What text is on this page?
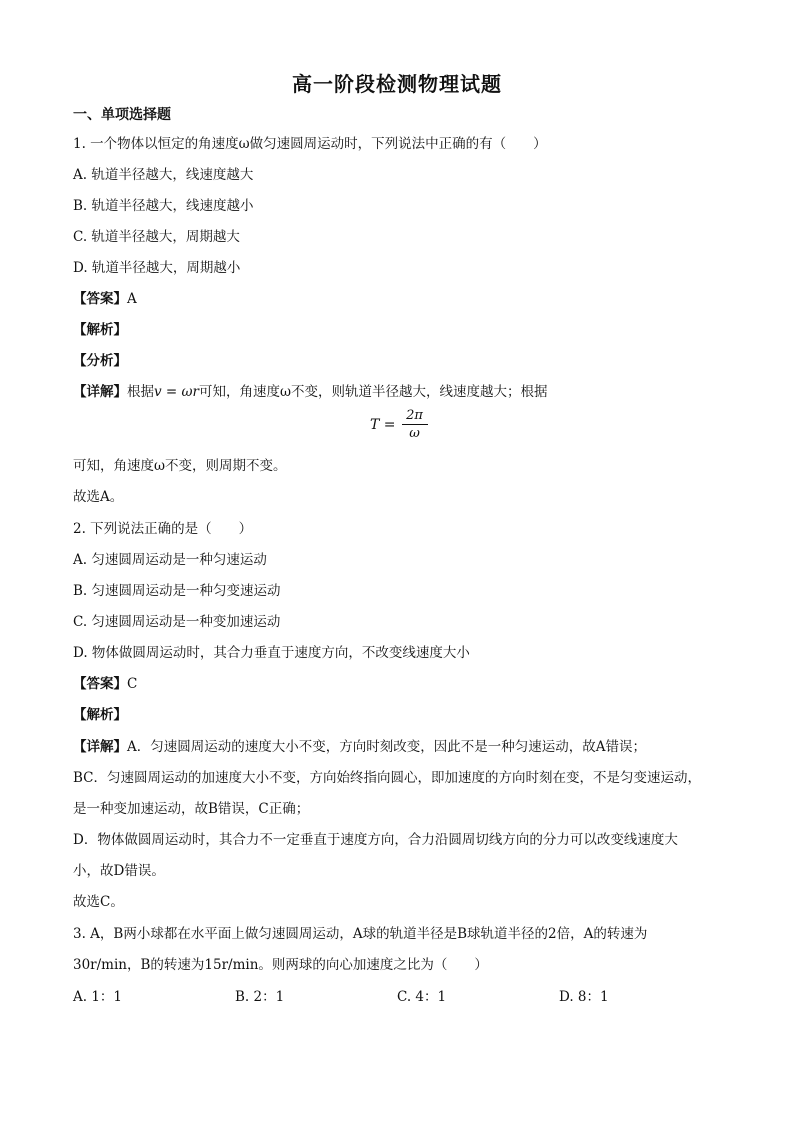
高一阶段检测物理试题
一、单项选择题
1. 一个物体以恒定的角速度ω做匀速圆周运动时，下列说法中正确的有（　　）
A. 轨道半径越大，线速度越大
B. 轨道半径越大，线速度越小
C. 轨道半径越大，周期越大
D. 轨道半径越大，周期越小
【答案】A
【解析】
【分析】
【详解】根据v = ωr可知，角速度ω不变，则轨道半径越大，线速度越大；根据
$T = \frac{2\pi}{\omega}$
可知，角速度ω不变，则周期不变。
故选A。
2. 下列说法正确的是（　　）
A. 匀速圆周运动是一种匀速运动
B. 匀速圆周运动是一种匀变速运动
C. 匀速圆周运动是一种变加速运动
D. 物体做圆周运动时，其合力垂直于速度方向，不改变线速度大小
【答案】C
【解析】
【详解】A．匀速圆周运动的速度大小不变，方向时刻改变，因此不是一种匀速运动，故A错误；
BC．匀速圆周运动的加速度大小不变，方向始终指向圆心，即加速度的方向时刻在变，不是匀变速运动，
是一种变加速运动，故B错误，C正确；
D．物体做圆周运动时，其合力不一定垂直于速度方向，合力沿圆周切线方向的分力可以改变线速度大
小，故D错误。
故选C。
3. A，B两小球都在水平面上做匀速圆周运动，A球的轨道半径是B球轨道半径的2倍，A的转速为
30r/min，B的转速为15r/min。则两球的向心加速度之比为（　　）
A. 1：1	B. 2：1	C. 4：1	D. 8：1
